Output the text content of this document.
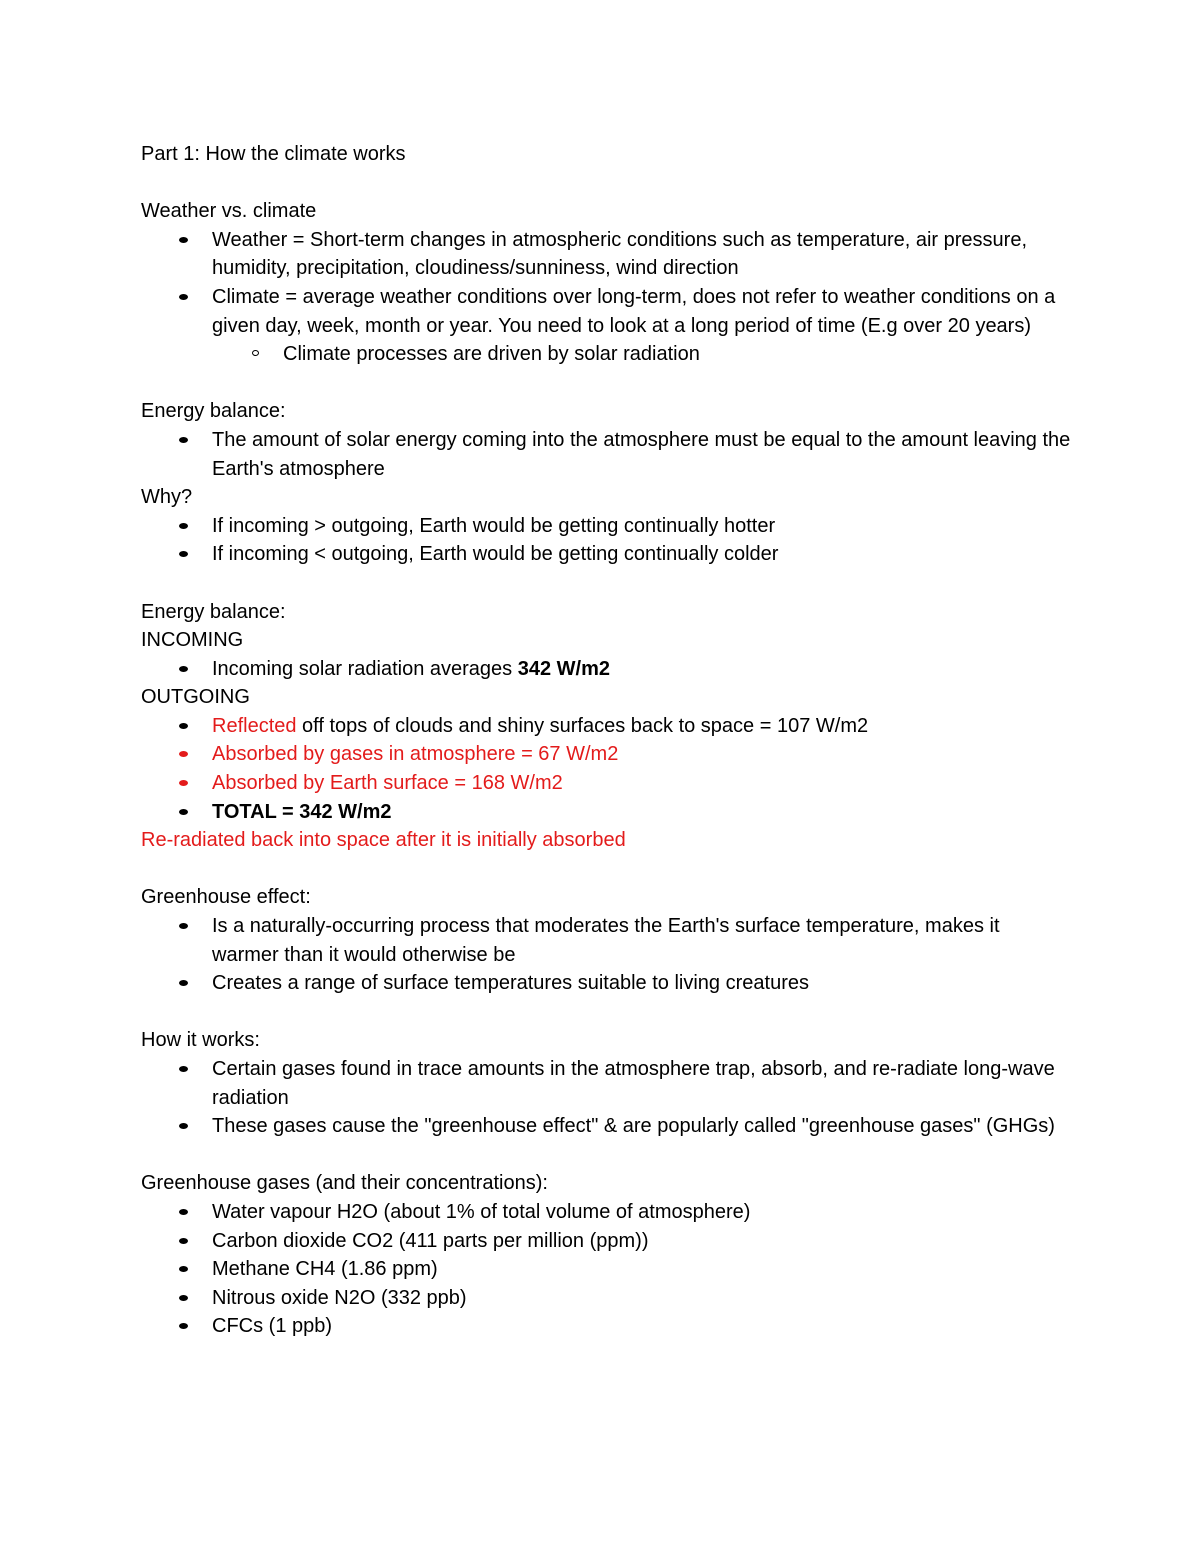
Part 1: How the climate works

Weather vs. climate

Weather = Short-term changes in atmospheric conditions such as temperature, air pressure, humidity, precipitation, cloudiness/sunniness, wind direction
Climate = average weather conditions over long-term, does not refer to weather conditions on a given day, week, month or year. You need to look at a long period of time (E.g over 20 years)
Climate processes are driven by solar radiation

Energy balance:

The amount of solar energy coming into the atmosphere must be equal to the amount leaving the Earth's atmosphere

Why?

If incoming > outgoing, Earth would be getting continually hotter
If incoming < outgoing, Earth would be getting continually colder

Energy balance:

INCOMING

Incoming solar radiation averages 342 W/m2

OUTGOING

Reflected off tops of clouds and shiny surfaces back to space = 107 W/m2
Absorbed by gases in atmosphere = 67 W/m2
Absorbed by Earth surface = 168 W/m2
TOTAL = 342 W/m2

Re-radiated back into space after it is initially absorbed

Greenhouse effect:

Is a naturally-occurring process that moderates the Earth's surface temperature, makes it warmer than it would otherwise be
Creates a range of surface temperatures suitable to living creatures

How it works:

Certain gases found in trace amounts in the atmosphere trap, absorb, and re-radiate long-wave radiation
These gases cause the "greenhouse effect" & are popularly called "greenhouse gases" (GHGs)

Greenhouse gases (and their concentrations):

Water vapour H2O (about 1% of total volume of atmosphere)
Carbon dioxide CO2 (411 parts per million (ppm))
Methane CH4 (1.86 ppm)
Nitrous oxide N2O (332 ppb)
CFCs (1 ppb)
